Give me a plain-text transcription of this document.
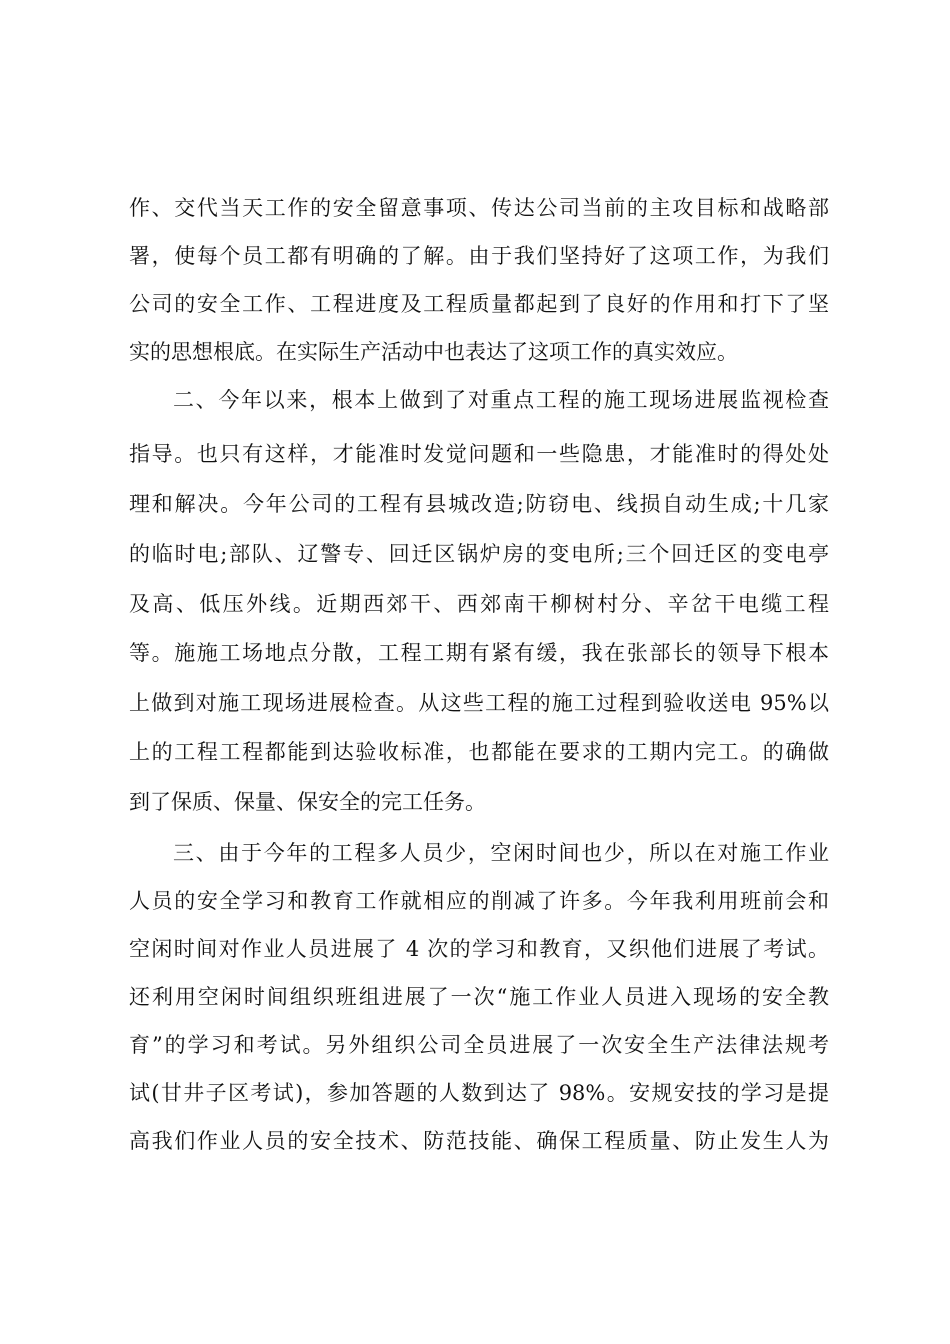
作、交代当天工作的安全留意事项、传达公司当前的主攻目标和战略部
署，使每个员工都有明确的了解。由于我们坚持好了这项工作，为我们
公司的安全工作、工程进度及工程质量都起到了良好的作用和打下了坚
实的思想根底。在实际生产活动中也表达了这项工作的真实效应。
二、今年以来，根本上做到了对重点工程的施工现场进展监视检查
指导。也只有这样，才能准时发觉问题和一些隐患，才能准时的得处处
理和解决。今年公司的工程有县城改造;防窃电、线损自动生成;十几家
的临时电;部队、辽警专、回迁区锅炉房的变电所;三个回迁区的变电亭
及高、低压外线。近期西郊干、西郊南干柳树村分、辛岔干电缆工程
等。施施工场地点分散，工程工期有紧有缓，我在张部长的领导下根本
上做到对施工现场进展检查。从这些工程的施工过程到验收送电 95%以
上的工程工程都能到达验收标准，也都能在要求的工期内完工。的确做
到了保质、保量、保安全的完工任务。
三、由于今年的工程多人员少，空闲时间也少，所以在对施工作业
人员的安全学习和教育工作就相应的削减了许多。今年我利用班前会和
空闲时间对作业人员进展了 4 次的学习和教育，又织他们进展了考试。
还利用空闲时间组织班组进展了一次“施工作业人员进入现场的安全教
育”的学习和考试。另外组织公司全员进展了一次安全生产法律法规考
试(甘井子区考试)，参加答题的人数到达了 98%。安规安技的学习是提
高我们作业人员的安全技术、防范技能、确保工程质量、防止发生人为
